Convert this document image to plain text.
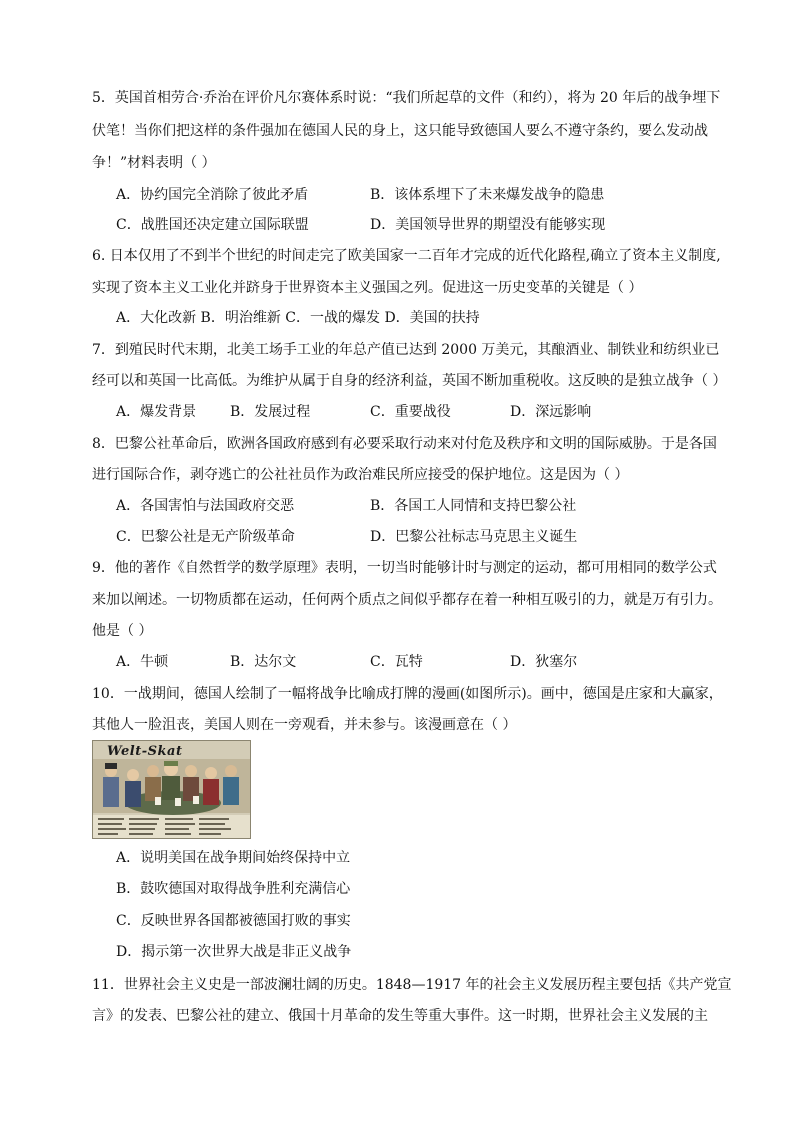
5．英国首相劳合·乔治在评价凡尔赛体系时说：“我们所起草的文件（和约），将为 20 年后的战争埋下
伏笔！当你们把这样的条件强加在德国人民的身上，这只能导致德国人要么不遵守条约，要么发动战
争！”材料表明（ ）
A．协约国完全消除了彼此矛盾	B．该体系埋下了未来爆发战争的隐患
C．战胜国还决定建立国际联盟	D．美国领导世界的期望没有能够实现
6. 日本仅用了不到半个世纪的时间走完了欧美国家一二百年才完成的近代化路程,确立了资本主义制度,
实现了资本主义工业化并跻身于世界资本主义强国之列。促进这一历史变革的关键是（ ）
A．大化改新 B．明治维新 C．一战的爆发 D．美国的扶持
7．到殖民时代末期，北美工场手工业的年总产值已达到 2000 万美元，其酿酒业、制铁业和纺织业已
经可以和英国一比高低。为维护从属于自身的经济利益，英国不断加重税收。这反映的是独立战争（ ）
A．爆发背景 B．发展过程	C．重要战役	D．深远影响
8．巴黎公社革命后，欧洲各国政府感到有必要采取行动来对付危及秩序和文明的国际威胁。于是各国
进行国际合作，剥夺逃亡的公社社员作为政治难民所应接受的保护地位。这是因为（ ）
A．各国害怕与法国政府交恶	B．各国工人同情和支持巴黎公社
C．巴黎公社是无产阶级革命	D．巴黎公社标志马克思主义诞生
9．他的著作《自然哲学的数学原理》表明，一切当时能够计时与测定的运动，都可用相同的数学公式
来加以阐述。一切物质都在运动，任何两个质点之间似乎都存在着一种相互吸引的力，就是万有引力。
他是（ ）
A．牛顿	B．达尔文	C．瓦特	D．狄塞尔
10．一战期间，德国人绘制了一幅将战争比喻成打牌的漫画(如图所示)。画中，德国是庄家和大赢家，
其他人一脸沮丧，美国人则在一旁观看，并未参与。该漫画意在（ ）
Welt-Skat
A．说明美国在战争期间始终保持中立
B．鼓吹德国对取得战争胜利充满信心
C．反映世界各国都被德国打败的事实
D．揭示第一次世界大战是非正义战争
11．世界社会主义史是一部波澜壮阔的历史。1848—1917 年的社会主义发展历程主要包括《共产党宣
言》的发表、巴黎公社的建立、俄国十月革命的发生等重大事件。这一时期，世界社会主义发展的主
